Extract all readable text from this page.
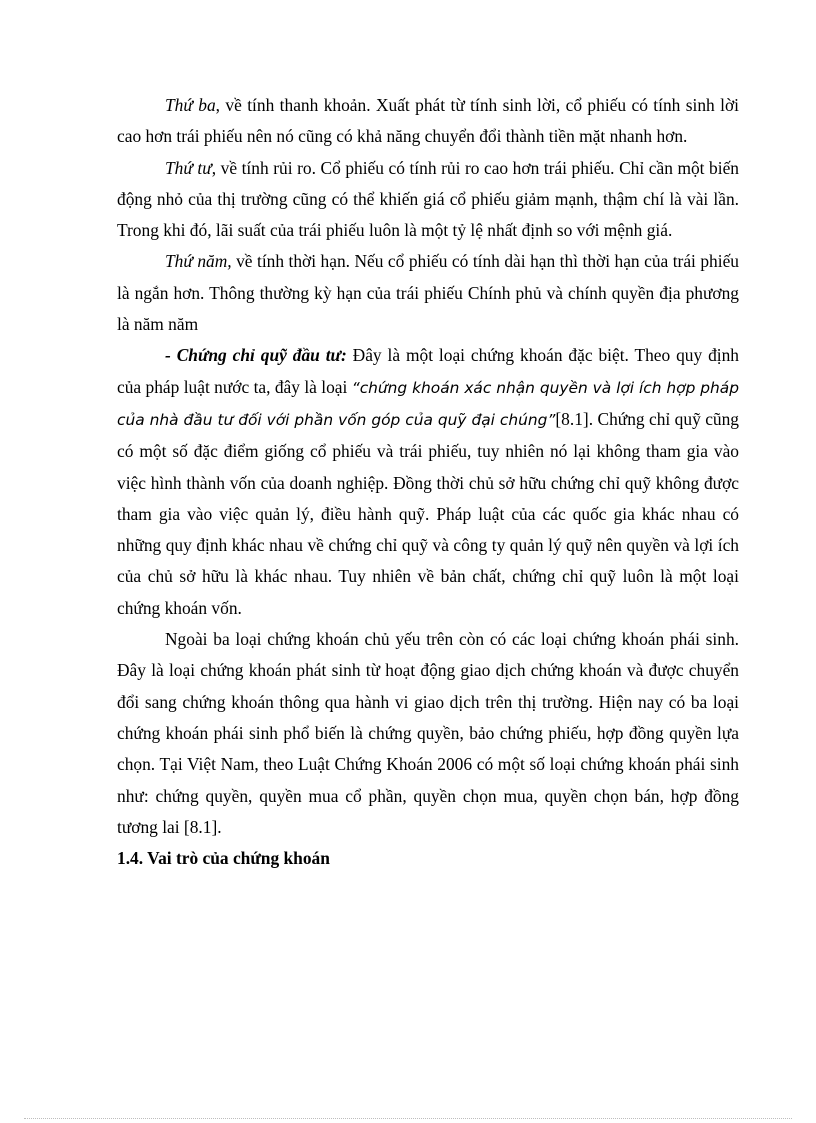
Thứ ba, về tính thanh khoản. Xuất phát từ tính sinh lời, cổ phiếu có tính sinh lời cao hơn trái phiếu nên nó cũng có khả năng chuyển đổi thành tiền mặt nhanh hơn.

Thứ tư, về tính rủi ro. Cổ phiếu có tính rủi ro cao hơn trái phiếu. Chỉ cần một biến động nhỏ của thị trường cũng có thể khiến giá cổ phiếu giảm mạnh, thậm chí là vài lần. Trong khi đó, lãi suất của trái phiếu luôn là một tỷ lệ nhất định so với mệnh giá.

Thứ năm, về tính thời hạn. Nếu cổ phiếu có tính dài hạn thì thời hạn của trái phiếu là ngắn hơn. Thông thường kỳ hạn của trái phiếu Chính phủ và chính quyền địa phương là năm năm

- Chứng chỉ quỹ đầu tư: Đây là một loại chứng khoán đặc biệt. Theo quy định của pháp luật nước ta, đây là loại “chứng khoán xác nhận quyền và lợi ích hợp pháp của nhà đầu tư đối với phần vốn góp của quỹ đại chúng”[8.1]. Chứng chỉ quỹ cũng có một số đặc điểm giống cổ phiếu và trái phiếu, tuy nhiên nó lại không tham gia vào việc hình thành vốn của doanh nghiệp. Đồng thời chủ sở hữu chứng chỉ quỹ không được tham gia vào việc quản lý, điều hành quỹ. Pháp luật của các quốc gia khác nhau có những quy định khác nhau về chứng chỉ quỹ và công ty quản lý quỹ nên quyền và lợi ích của chủ sở hữu là khác nhau. Tuy nhiên về bản chất, chứng chỉ quỹ luôn là một loại chứng khoán vốn.

Ngoài ba loại chứng khoán chủ yếu trên còn có các loại chứng khoán phái sinh. Đây là loại chứng khoán phát sinh từ hoạt động giao dịch chứng khoán và được chuyển đổi sang chứng khoán thông qua hành vi giao dịch trên thị trường. Hiện nay có ba loại chứng khoán phái sinh phổ biến là chứng quyền, bảo chứng phiếu, hợp đồng quyền lựa chọn. Tại Việt Nam, theo Luật Chứng Khoán 2006 có một số loại chứng khoán phái sinh như: chứng quyền, quyền mua cổ phần, quyền chọn mua, quyền chọn bán, hợp đồng tương lai [8.1].

1.4. Vai trò của chứng khoán
